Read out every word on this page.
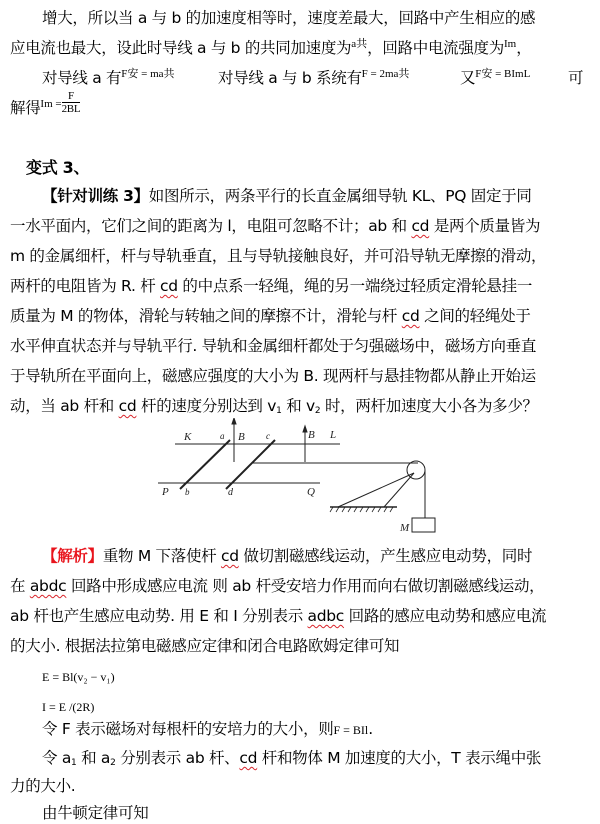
增大，所以当 a 与 b 的加速度相等时，速度差最大，回路中产生相应的感
应电流也最大，设此时导线 a 与 b 的共同加速度为$^{a共}$，回路中电流强度为$^{Im}$，
对导线 a 有$^{F安 = ma共}$	对导线 a 与 b 系统有$^{F = 2ma共}$	又$^{F安 = BImL}$ 可
解得$^{Im =} \frac{F}{2BL}$
变式 3、
【针对训练 3】如图所示，两条平行的长直金属细导轨 KL、PQ 固定于同
一水平面内，它们之间的距离为 l，电阻可忽略不计；ab 和 cd 是两个质量皆为
m 的金属细杆，杆与导轨垂直，且与导轨接触良好，并可沿导轨无摩擦的滑动，
两杆的电阻皆为 R. 杆 cd 的中点系一轻绳，绳的另一端绕过轻质定滑轮悬挂一
质量为 M 的物体，滑轮与转轴之间的摩擦不计，滑轮与杆 cd 之间的轻绳处于
水平伸直状态并与导轨平行. 导轨和金属细杆都处于匀强磁场中，磁场方向垂直
于导轨所在平面向上，磁感应强度的大小为 B. 现两杆与悬挂物都从静止开始运
动，当 ab 杆和 cd 杆的速度分别达到 $v_1$ 和 $v_2$ 时，两杆加速度大小各为多少？
K	a B c	B L
P b	d	Q
M
【解析】重物 M 下落使杆 cd 做切割磁感线运动，产生感应电动势，同时
在 abdc 回路中形成感应电流 则 ab 杆受安培力作用而向右做切割磁感线运动，
ab 杆也产生感应电动势. 用 E 和 I 分别表示 adbc 回路的感应电动势和感应电流
的大小. 根据法拉第电磁感应定律和闭合电路欧姆定律可知
E = Bl(v₂ − v₁)
I = E /(2R)
令 F 表示磁场对每根杆的安培力的大小，则F = BIl.
令 $a_1$ 和 $a_2$ 分别表示 ab 杆、cd 杆和物体 M 加速度的大小，T 表示绳中张
力的大小.
由牛顿定律可知
